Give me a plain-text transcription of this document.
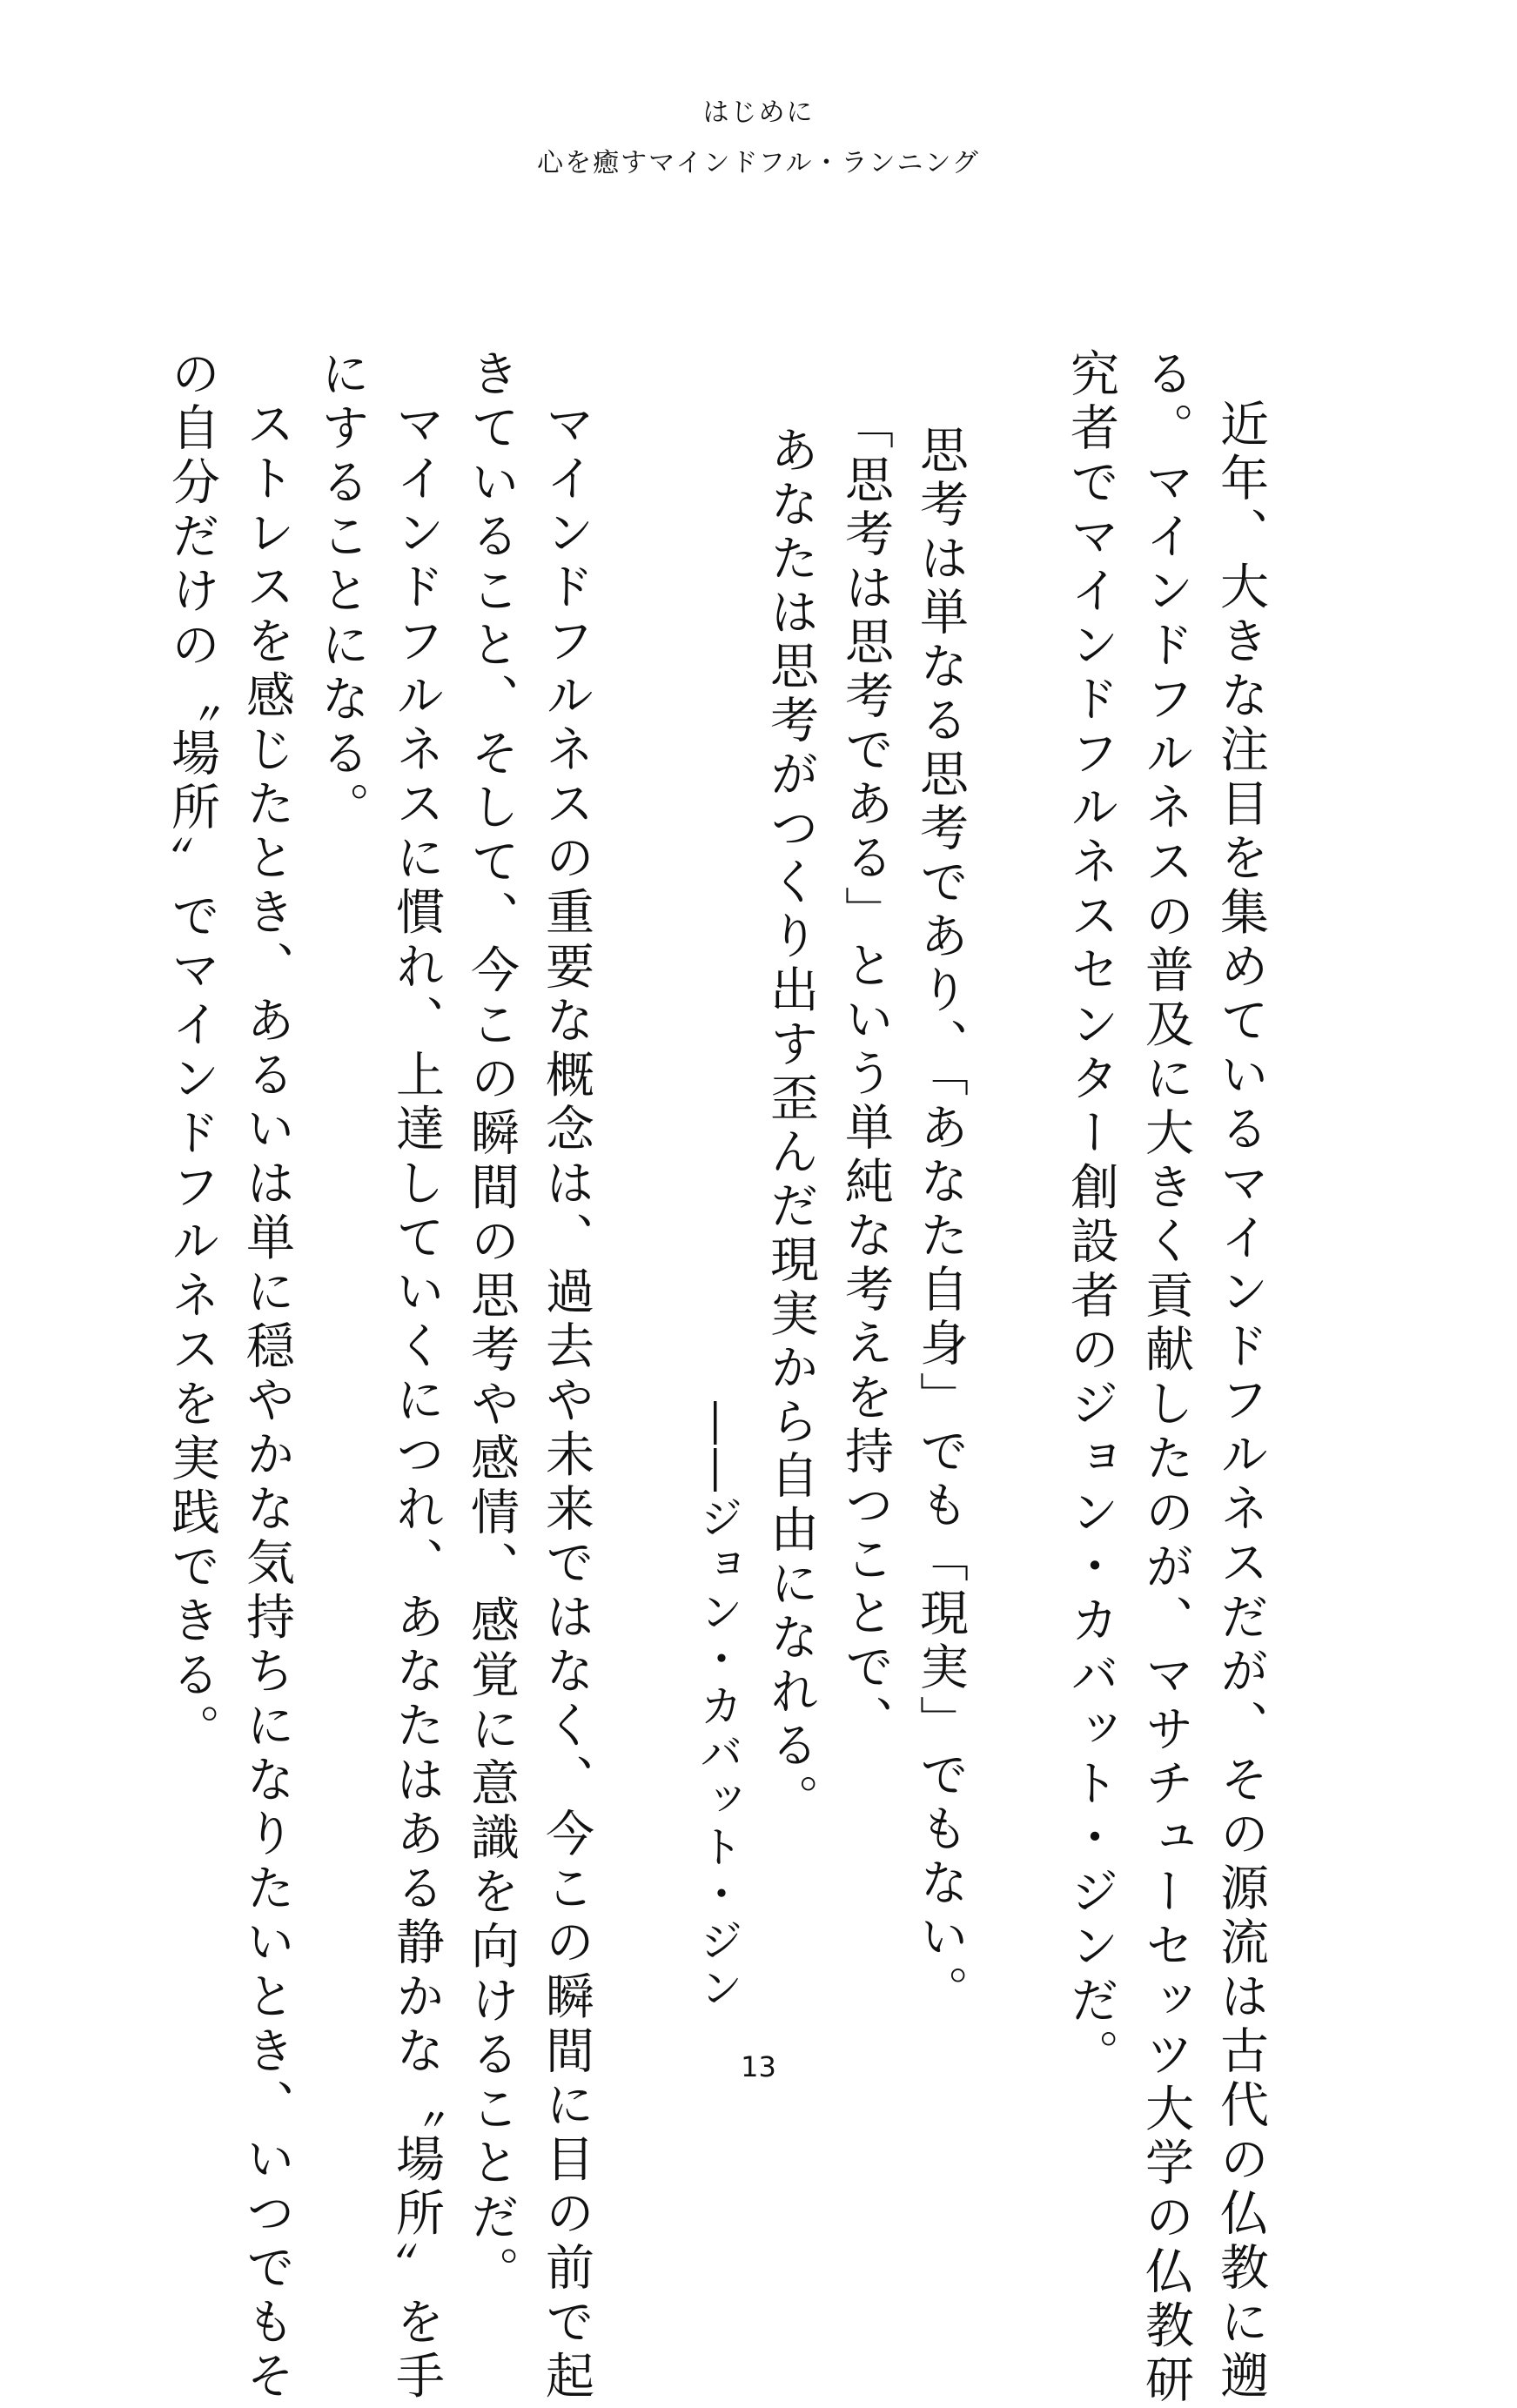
はじめに
心を癒すマインドフル・ランニング
近年、大きな注目を集めているマインドフルネスだが、その源流は古代の仏教に遡
る。マインドフルネスの普及に大きく貢献したのが、マサチューセッツ大学の仏教研
究者でマインドフルネスセンター創設者のジョン・カバット・ジンだ。
思考は単なる思考であり、「あなた自身」でも「現実」でもない。
「思考は思考である」という単純な考えを持つことで、
あなたは思考がつくり出す歪んだ現実から自由になれる。
――ジョン・カバット・ジン
マインドフルネスの重要な概念は、過去や未来ではなく、今この瞬間に目の前で起
きていること、そして、今この瞬間の思考や感情、感覚に意識を向けることだ。
マインドフルネスに慣れ、上達していくにつれ、あなたはある静かな〝場所〟を手
にすることになる。
ストレスを感じたとき、あるいは単に穏やかな気持ちになりたいとき、いつでもそ
の自分だけの〝場所〟でマインドフルネスを実践できる。
13
